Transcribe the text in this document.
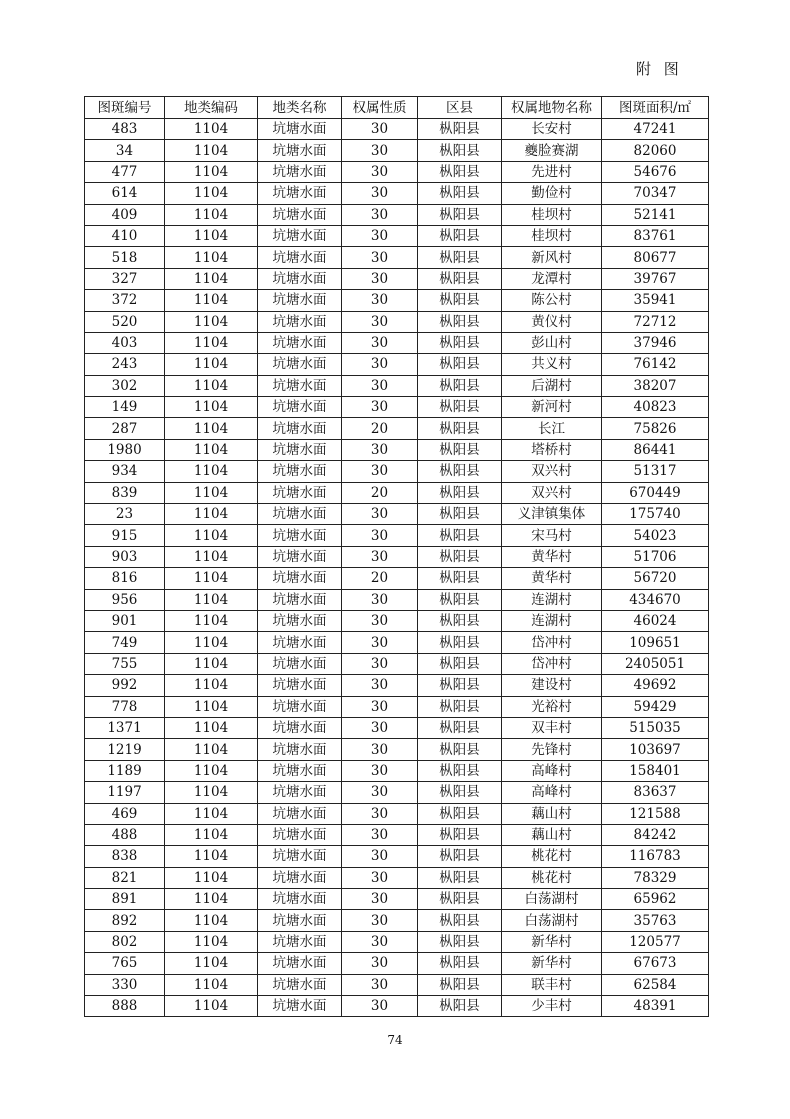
附 图
图斑编号	地类编码	地类名称	权属性质	区县	权属地物名称	图斑面积/㎡
483	1104	坑塘水面	30	枞阳县	长安村	47241
34	1104	坑塘水面	30	枞阳县	夔脸赛湖	82060
477	1104	坑塘水面	30	枞阳县	先进村	54676
614	1104	坑塘水面	30	枞阳县	勤俭村	70347
409	1104	坑塘水面	30	枞阳县	桂坝村	52141
410	1104	坑塘水面	30	枞阳县	桂坝村	83761
518	1104	坑塘水面	30	枞阳县	新风村	80677
327	1104	坑塘水面	30	枞阳县	龙潭村	39767
372	1104	坑塘水面	30	枞阳县	陈公村	35941
520	1104	坑塘水面	30	枞阳县	黄仪村	72712
403	1104	坑塘水面	30	枞阳县	彭山村	37946
243	1104	坑塘水面	30	枞阳县	共义村	76142
302	1104	坑塘水面	30	枞阳县	后湖村	38207
149	1104	坑塘水面	30	枞阳县	新河村	40823
287	1104	坑塘水面	20	枞阳县	长江	75826
1980	1104	坑塘水面	30	枞阳县	塔桥村	86441
934	1104	坑塘水面	30	枞阳县	双兴村	51317
839	1104	坑塘水面	20	枞阳县	双兴村	670449
23	1104	坑塘水面	30	枞阳县	义津镇集体	175740
915	1104	坑塘水面	30	枞阳县	宋马村	54023
903	1104	坑塘水面	30	枞阳县	黄华村	51706
816	1104	坑塘水面	20	枞阳县	黄华村	56720
956	1104	坑塘水面	30	枞阳县	连湖村	434670
901	1104	坑塘水面	30	枞阳县	连湖村	46024
749	1104	坑塘水面	30	枞阳县	岱冲村	109651
755	1104	坑塘水面	30	枞阳县	岱冲村	2405051
992	1104	坑塘水面	30	枞阳县	建设村	49692
778	1104	坑塘水面	30	枞阳县	光裕村	59429
1371	1104	坑塘水面	30	枞阳县	双丰村	515035
1219	1104	坑塘水面	30	枞阳县	先锋村	103697
1189	1104	坑塘水面	30	枞阳县	高峰村	158401
1197	1104	坑塘水面	30	枞阳县	高峰村	83637
469	1104	坑塘水面	30	枞阳县	藕山村	121588
488	1104	坑塘水面	30	枞阳县	藕山村	84242
838	1104	坑塘水面	30	枞阳县	桃花村	116783
821	1104	坑塘水面	30	枞阳县	桃花村	78329
891	1104	坑塘水面	30	枞阳县	白荡湖村	65962
892	1104	坑塘水面	30	枞阳县	白荡湖村	35763
802	1104	坑塘水面	30	枞阳县	新华村	120577
765	1104	坑塘水面	30	枞阳县	新华村	67673
330	1104	坑塘水面	30	枞阳县	联丰村	62584
888	1104	坑塘水面	30	枞阳县	少丰村	48391
74
